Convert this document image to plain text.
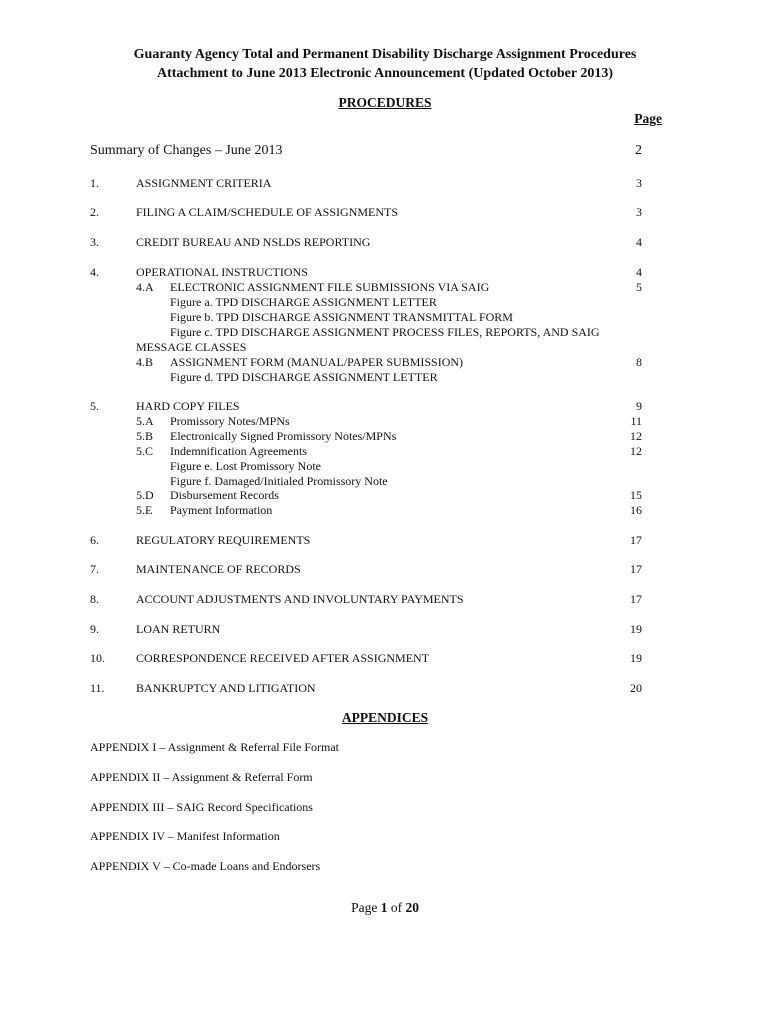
Guaranty Agency Total and Permanent Disability Discharge Assignment Procedures
Attachment to June 2013 Electronic Announcement (Updated October 2013)
PROCEDURES
Page
Summary of Changes – June 2013	2
1.	ASSIGNMENT CRITERIA	3
2.	FILING A CLAIM/SCHEDULE OF ASSIGNMENTS	3
3.	CREDIT BUREAU AND NSLDS REPORTING	4
4.	OPERATIONAL INSTRUCTIONS	4
4.A ELECTRONIC ASSIGNMENT FILE SUBMISSIONS VIA SAIG	5
Figure a. TPD DISCHARGE ASSIGNMENT LETTER
Figure b. TPD DISCHARGE ASSIGNMENT TRANSMITTAL FORM
Figure c. TPD DISCHARGE ASSIGNMENT PROCESS FILES, REPORTS, AND SAIG
MESSAGE CLASSES
4.B ASSIGNMENT FORM (MANUAL/PAPER SUBMISSION)	8
Figure d. TPD DISCHARGE ASSIGNMENT LETTER
5.	HARD COPY FILES	9
5.A Promissory Notes/MPNs	11
5.B Electronically Signed Promissory Notes/MPNs	12
5.C Indemnification Agreements	12
Figure e. Lost Promissory Note
Figure f. Damaged/Initialed Promissory Note
5.D Disbursement Records	15
5.E Payment Information	16
6.	REGULATORY REQUIREMENTS	17
7.	MAINTENANCE OF RECORDS	17
8.	ACCOUNT ADJUSTMENTS AND INVOLUNTARY PAYMENTS	17
9.	LOAN RETURN	19
10.	CORRESPONDENCE RECEIVED AFTER ASSIGNMENT	19
11.	BANKRUPTCY AND LITIGATION	20
APPENDICES
APPENDIX I – Assignment & Referral File Format
APPENDIX II – Assignment & Referral Form
APPENDIX III – SAIG Record Specifications
APPENDIX IV – Manifest Information
APPENDIX V – Co-made Loans and Endorsers
Page 1 of 20
